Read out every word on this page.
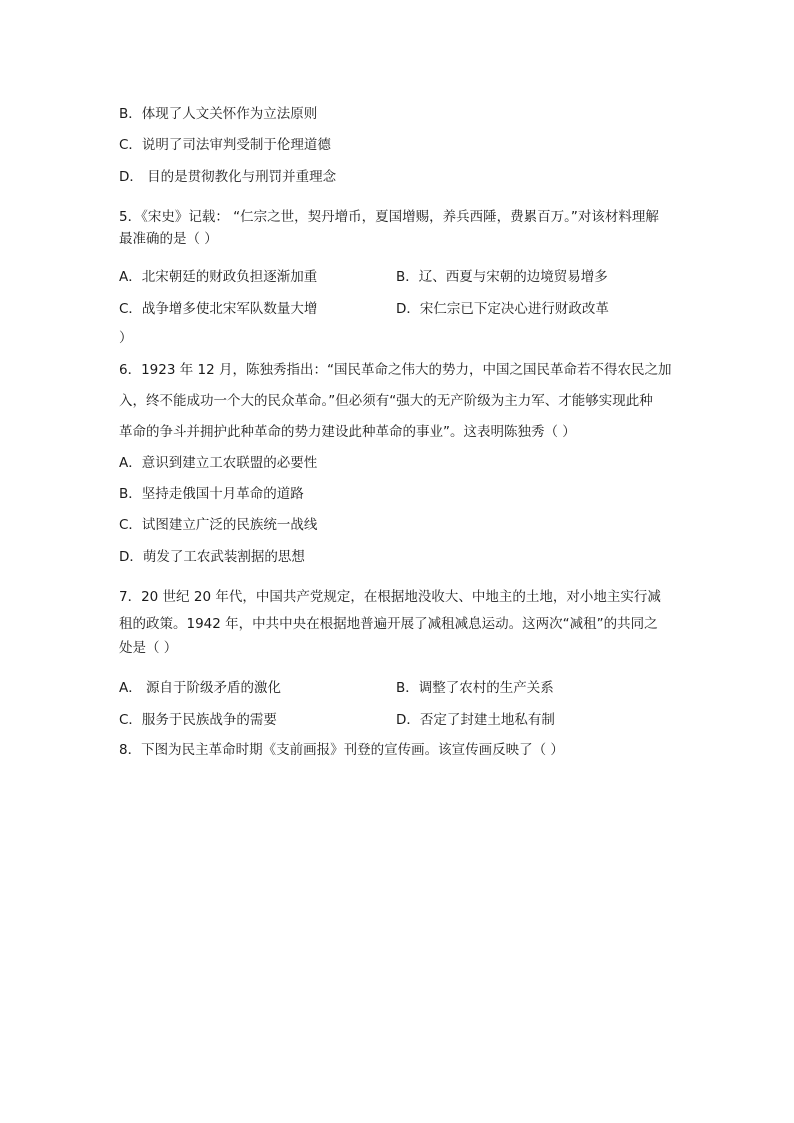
B．体现了人文关怀作为立法原则
C．说明了司法审判受制于伦理道德
D． 目的是贯彻教化与刑罚并重理念
5．《宋史》记载： “仁宗之世，契丹增币，夏国增赐，养兵西陲，费累百万。”对该材料理解
最准确的是（ ）
A．北宋朝廷的财政负担逐渐加重	B．辽、西夏与宋朝的边境贸易增多
C．战争增多使北宋军队数量大增	D．宋仁宗已下定决心进行财政改革
）
6．1923 年 12 月，陈独秀指出：“国民革命之伟大的势力，中国之国民革命若不得农民之加
入，终不能成功一个大的民众革命。”但必须有“强大的无产阶级为主力军、才能够实现此种
革命的争斗并拥护此种革命的势力建设此种革命的事业”。这表明陈独秀（ ）
A．意识到建立工农联盟的必要性
B．坚持走俄国十月革命的道路
C．试图建立广泛的民族统一战线
D．萌发了工农武装割据的思想
7．20 世纪 20 年代，中国共产党规定，在根据地没收大、中地主的土地，对小地主实行减
租的政策。1942 年，中共中央在根据地普遍开展了减租减息运动。这两次“减租”的共同之
处是（ ）
A． 源自于阶级矛盾的激化	B．调整了农村的生产关系
C．服务于民族战争的需要	D．否定了封建土地私有制
8．下图为民主革命时期《支前画报》刊登的宣传画。该宣传画反映了（ ）
